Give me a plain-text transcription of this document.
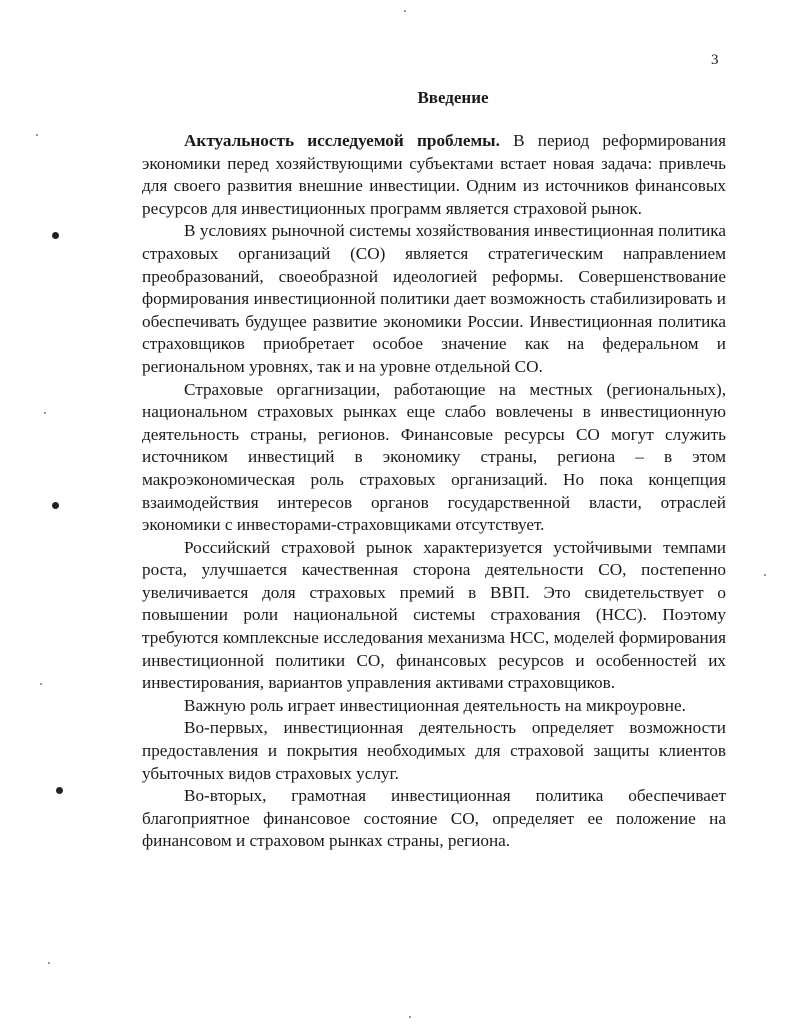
3
Введение

Актуальность исследуемой проблемы. В период реформирования экономики перед хозяйствующими субъектами встает новая задача: привлечь для своего развития внешние инвестиции. Одним из источников финансовых ресурсов для инвестиционных программ является страховой рынок.

В условиях рыночной системы хозяйствования инвестиционная политика страховых организаций (СО) является стратегическим направлением преобразований, своеобразной идеологией реформы. Совершенствование формирования инвестиционной политики дает возможность стабилизировать и обеспечивать будущее развитие экономики России. Инвестиционная политика страховщиков приобретает особое значение как на федеральном и региональном уровнях, так и на уровне отдельной СО.

Страховые оргагнизации, работающие на местных (региональных), национальном страховых рынках еще слабо вовлечены в инвестиционную деятельность страны, регионов. Финансовые ресурсы СО могут служить источником инвестиций в экономику страны, региона – в этом макроэкономическая роль страховых организаций. Но пока концепция взаимодействия интересов органов государственной власти, отраслей экономики с инвесторами-страховщиками отсутствует.

Российский страховой рынок характеризуется устойчивыми темпами роста, улучшается качественная сторона деятельности СО, постепенно увеличивается доля страховых премий в ВВП. Это свидетельствует о повышении роли национальной системы страхования (НСС). Поэтому требуются комплексные исследования механизма НСС, моделей формирования инвестиционной политики СО, финансовых ресурсов и особенностей их инвестирования, вариантов управления активами страховщиков.

Важную роль играет инвестиционная деятельность на микроуровне.

Во-первых, инвестиционная деятельность определяет возможности предоставления и покрытия необходимых для страховой защиты клиентов убыточных видов страховых услуг.

Во-вторых, грамотная инвестиционная политика обеспечивает благоприятное финансовое состояние СО, определяет ее положение на финансовом и страховом рынках страны, региона.
